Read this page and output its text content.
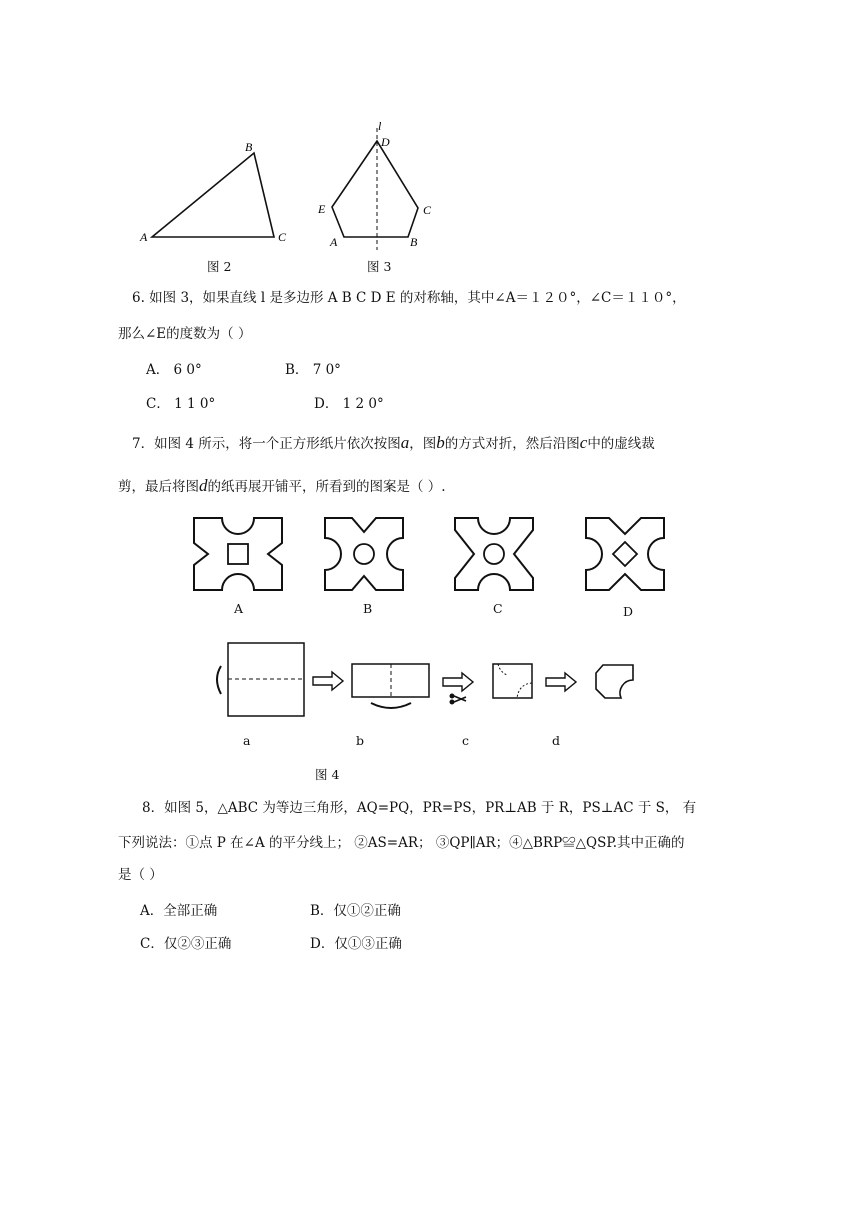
A
B
C
图 2
l
D
E	C
A	B
图 3
6. 如图 3，如果直线 l 是多边形 A B C D E 的对称轴，其中∠A＝１２０°，∠C＝１１０°，
那么∠E的度数为（ ）
A． 6 0°	B． 7 0°
C． 1 1 0°	D． 1 2 0°
7．如图 4 所示，将一个正方形纸片依次按图a，图b的方式对折，然后沿图c中的虚线裁
剪，最后将图d的纸再展开铺平，所看到的图案是（ ）.
A	B	C	D
a	b	c	d
图 4
8．如图 5，△ABC 为等边三角形，AQ=PQ，PR=PS，PR⊥AB 于 R，PS⊥AC 于 S， 有
下列说法：①点 P 在∠A 的平分线上； ②AS=AR； ③QP∥AR；④△BRP≌△QSP.其中正确的
是（ ）
A．全部正确	B．仅①②正确
C．仅②③正确	D．仅①③正确
